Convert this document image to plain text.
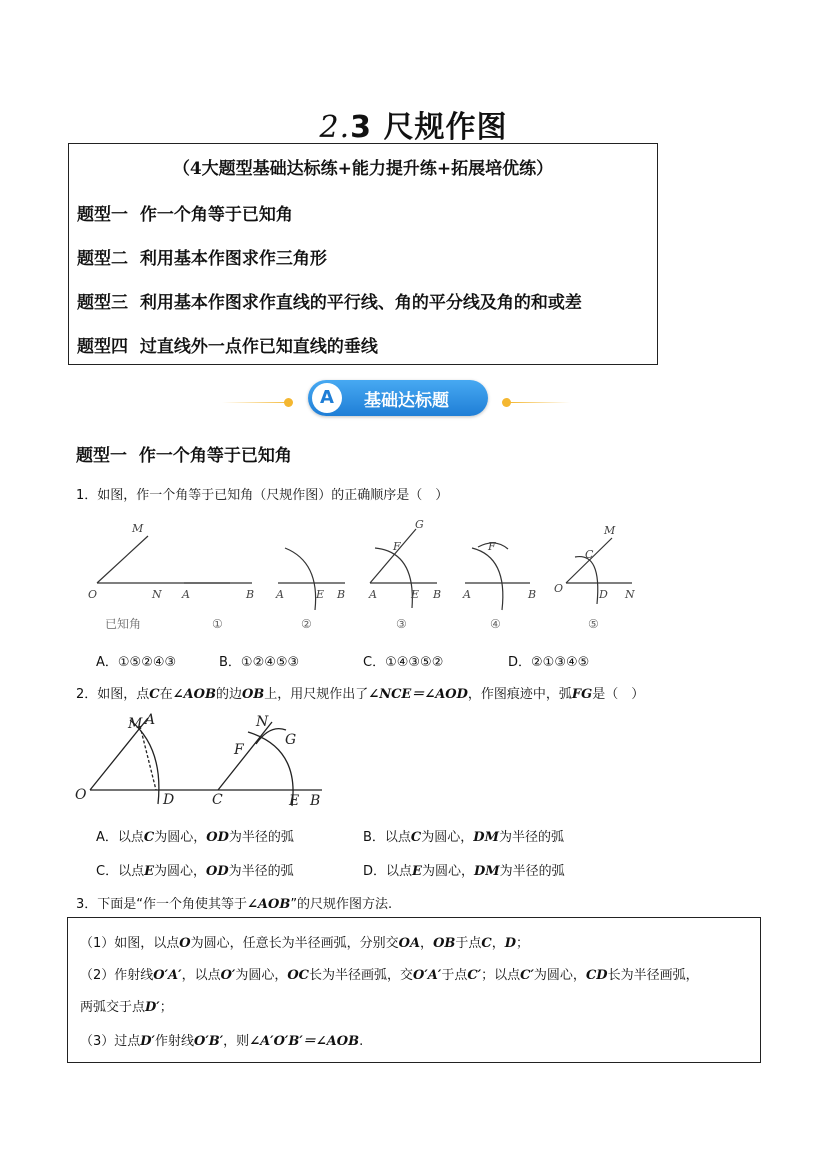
2.3 尺规作图
（4大题型基础达标练+能力提升练+拓展培优练）
题型一 作一个角等于已知角
题型二 利用基本作图求作三角形
题型三 利用基本作图求作直线的平行线、角的平分线及角的和或差
题型四 过直线外一点作已知直线的垂线
A	基础达标题
题型一 作一个角等于已知角
1．如图，作一个角等于已知角（尺规作图）的正确顺序是（　）
M
O	N A	B A	E B A	E B
G
F
A	B
F
M
C
O	D N
已知角	①	②	③	④	⑤
A．①⑤②④③	B．①②④⑤③	C．①④③⑤②	D．②①③④⑤
2．如图，点C在∠AOB的边OB上，用尺规作出了∠NCE＝∠AOD，作图痕迹中，弧FG是（　）
M A
O	D
N
G
F
C	E B
A．以点C为圆心，OD为半径的弧	B．以点C为圆心，DM为半径的弧
C．以点E为圆心，OD为半径的弧	D．以点E为圆心，DM为半径的弧
3．下面是“作一个角使其等于∠AOB”的尺规作图方法.
（1）如图，以点O为圆心，任意长为半径画弧，分别交OA，OB于点C，D；
（2）作射线O′A′，以点O′为圆心，OC长为半径画弧，交O′A′于点C′；以点C′为圆心，CD长为半径画弧，
两弧交于点D′；
（3）过点D′作射线O′B′，则∠A′O′B′＝∠AOB.
